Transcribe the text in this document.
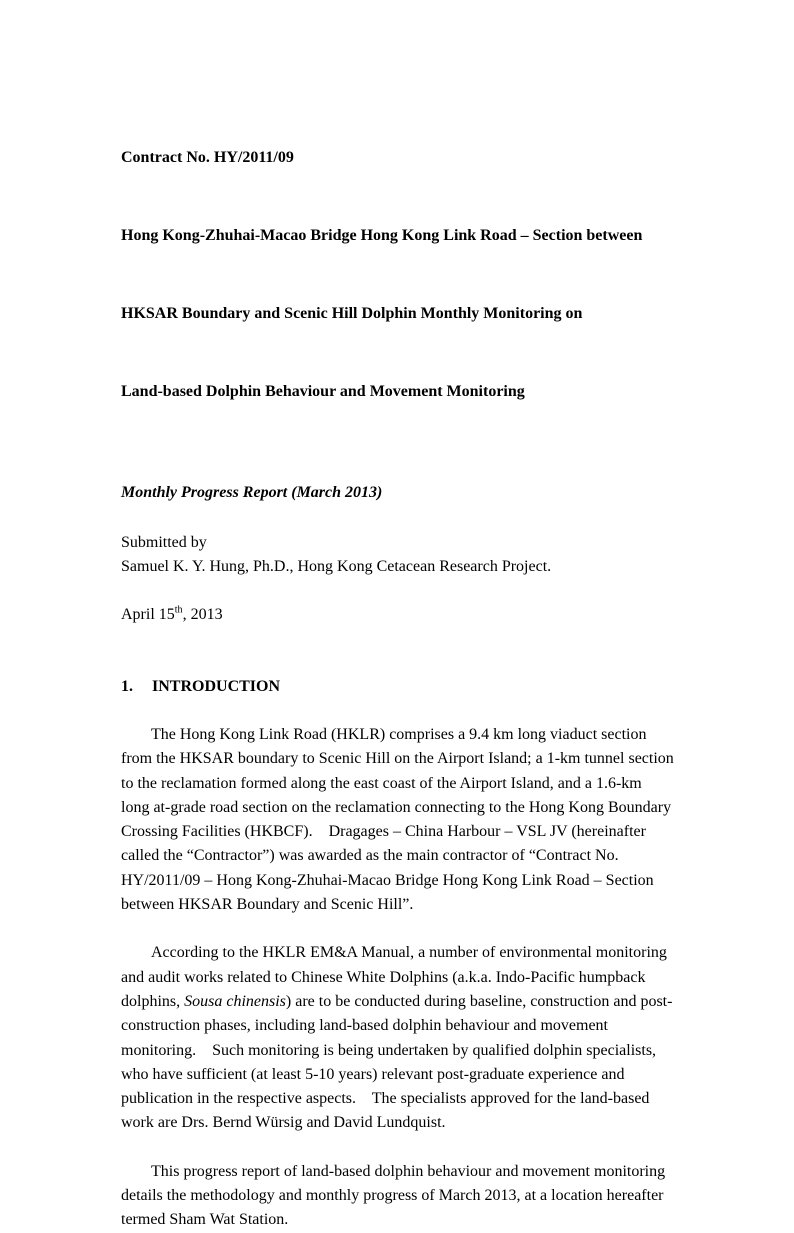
Contract No. HY/2011/09

Hong Kong-Zhuhai-Macao Bridge Hong Kong Link Road – Section between

HKSAR Boundary and Scenic Hill Dolphin Monthly Monitoring on

Land-based Dolphin Behaviour and Movement Monitoring

Monthly Progress Report (March 2013)
Submitted by
Samuel K. Y. Hung, Ph.D., Hong Kong Cetacean Research Project.
April 15th, 2013
1. INTRODUCTION

The Hong Kong Link Road (HKLR) comprises a 9.4 km long viaduct section from the HKSAR boundary to Scenic Hill on the Airport Island; a 1-km tunnel section to the reclamation formed along the east coast of the Airport Island, and a 1.6-km long at-grade road section on the reclamation connecting to the Hong Kong Boundary Crossing Facilities (HKBCF).    Dragages – China Harbour – VSL JV (hereinafter called the “Contractor”) was awarded as the main contractor of “Contract No. HY/2011/09 – Hong Kong-Zhuhai-Macao Bridge Hong Kong Link Road – Section between HKSAR Boundary and Scenic Hill”.

According to the HKLR EM&A Manual, a number of environmental monitoring and audit works related to Chinese White Dolphins (a.k.a. Indo-Pacific humpback dolphins, Sousa chinensis) are to be conducted during baseline, construction and post-construction phases, including land-based dolphin behaviour and movement monitoring.    Such monitoring is being undertaken by qualified dolphin specialists, who have sufficient (at least 5-10 years) relevant post-graduate experience and publication in the respective aspects.    The specialists approved for the land-based work are Drs. Bernd Würsig and David Lundquist.

This progress report of land-based dolphin behaviour and movement monitoring details the methodology and monthly progress of March 2013, at a location hereafter termed Sham Wat Station.
